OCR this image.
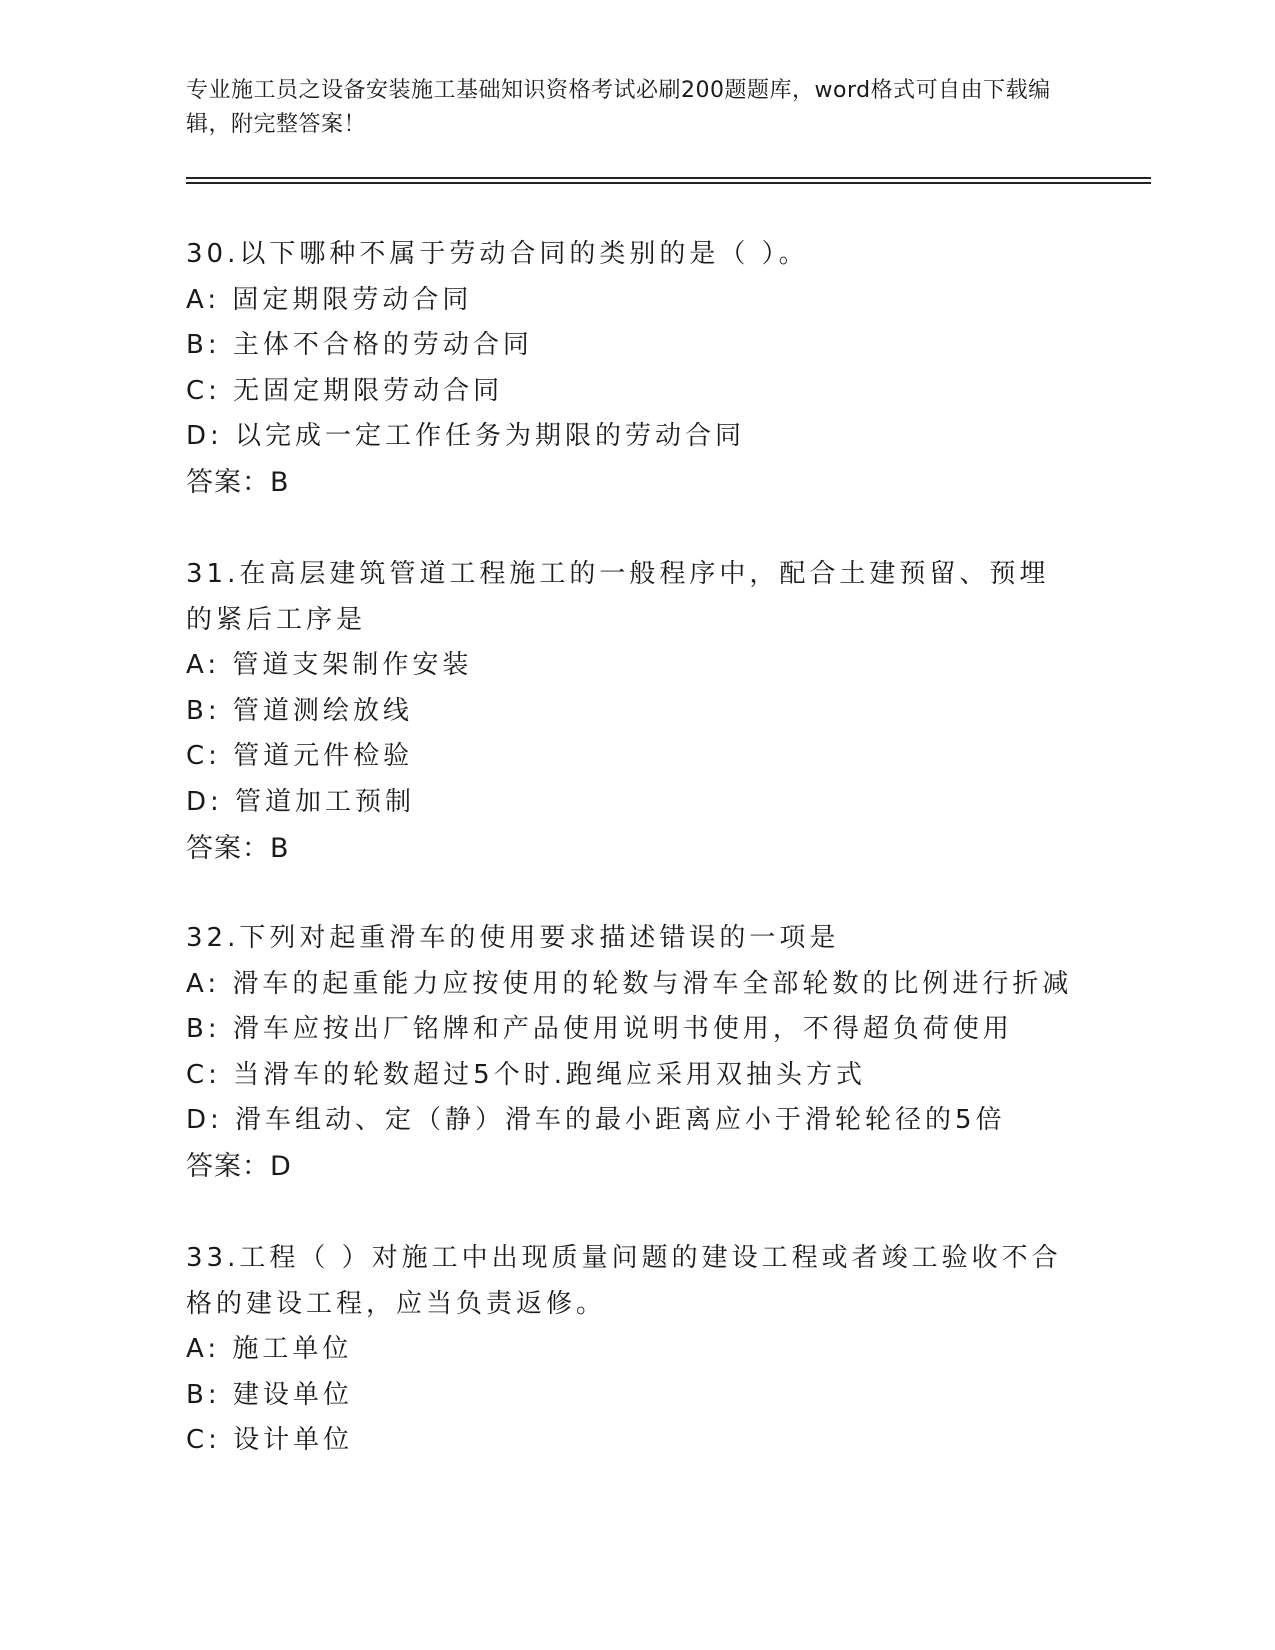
专业施工员之设备安装施工基础知识资格考试必刷200题题库，word格式可自由下载编辑，附完整答案！
30.以下哪种不属于劳动合同的类别的是（ ）。
A: 固定期限劳动合同
B: 主体不合格的劳动合同
C: 无固定期限劳动合同
D: 以完成一定工作任务为期限的劳动合同
答案：B
31.在高层建筑管道工程施工的一般程序中，配合土建预留、预埋的紧后工序是
A: 管道支架制作安装
B: 管道测绘放线
C: 管道元件检验
D: 管道加工预制
答案：B
32.下列对起重滑车的使用要求描述错误的一项是
A: 滑车的起重能力应按使用的轮数与滑车全部轮数的比例进行折减
B: 滑车应按出厂铭牌和产品使用说明书使用，不得超负荷使用
C: 当滑车的轮数超过5个时.跑绳应采用双抽头方式
D: 滑车组动、定（静）滑车的最小距离应小于滑轮轮径的5倍
答案：D
33.工程（ ）对施工中出现质量问题的建设工程或者竣工验收不合格的建设工程，应当负责返修。
A: 施工单位
B: 建设单位
C: 设计单位
